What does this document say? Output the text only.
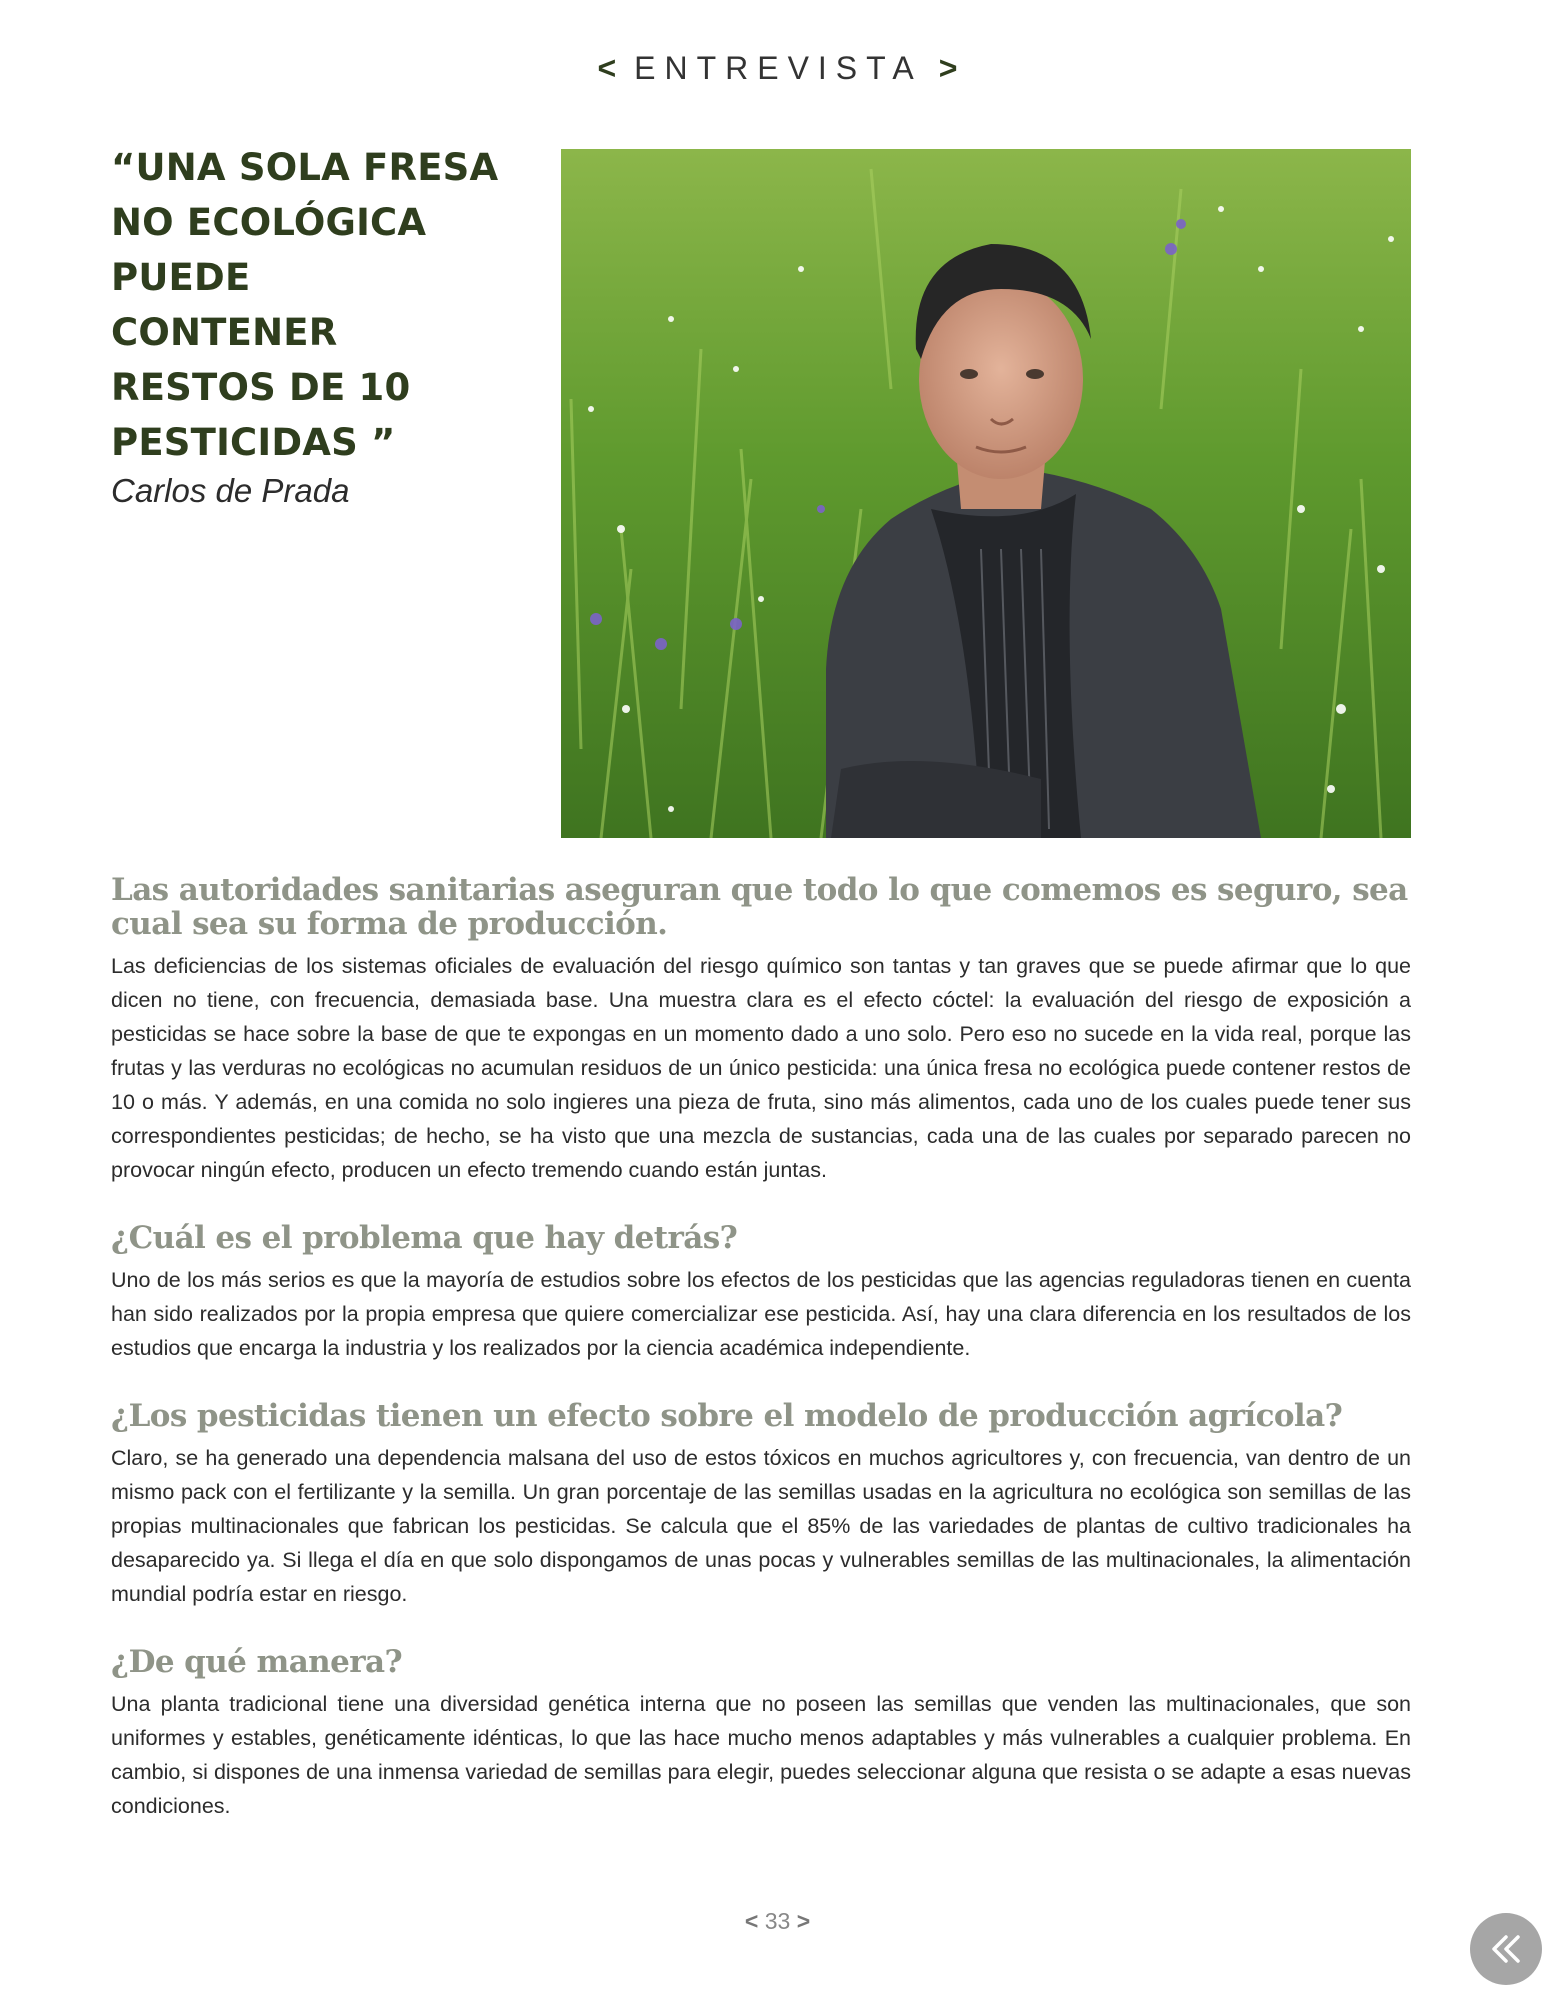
< ENTREVISTA >
“UNA SOLA FRESA
NO ECOLÓGICA
PUEDE
CONTENER
RESTOS DE 10
PESTICIDAS ”
Carlos de Prada
Las autoridades sanitarias aseguran que todo lo que comemos es seguro, sea cual sea su forma de producción.

Las deficiencias de los sistemas oficiales de evaluación del riesgo químico son tantas y tan graves que se puede afirmar que lo que dicen no tiene, con frecuencia, demasiada base. Una muestra clara es el efecto cóctel: la evaluación del riesgo de exposición a pesticidas se hace sobre la base de que te expongas en un momento dado a uno solo. Pero eso no sucede en la vida real, porque las frutas y las verduras no ecológicas no acumulan residuos de un único pesticida: una única fresa no ecológica puede contener restos de 10 o más. Y además, en una comida no solo ingieres una pieza de fruta, sino más alimentos, cada uno de los cuales puede tener sus correspondientes pesticidas; de hecho, se ha visto que una mezcla de sustancias, cada una de las cuales por separado parecen no provocar ningún efecto, producen un efecto tremendo cuando están juntas.

¿Cuál es el problema que hay detrás?

Uno de los más serios es que la mayoría de estudios sobre los efectos de los pesticidas que las agencias reguladoras tienen en cuenta han sido realizados por la propia empresa que quiere comercializar ese pesticida. Así, hay una clara diferencia en los resultados de los estudios que encarga la industria y los realizados por la ciencia académica independiente.

¿Los pesticidas tienen un efecto sobre el modelo de producción agrícola?

Claro, se ha generado una dependencia malsana del uso de estos tóxicos en muchos agricultores y, con frecuencia, van dentro de un mismo pack con el fertilizante y la semilla. Un gran porcentaje de las semillas usadas en la agricultura no ecológica son semillas de las propias multinacionales que fabrican los pesticidas. Se calcula que el 85% de las variedades de plantas de cultivo tradicionales ha desaparecido ya. Si llega el día en que solo dispongamos de unas pocas y vulnerables semillas de las multinacionales, la alimentación mundial podría estar en riesgo.

¿De qué manera?

Una planta tradicional tiene una diversidad genética interna que no poseen las semillas que venden las multinacionales, que son uniformes y estables, genéticamente idénticas, lo que las hace mucho menos adaptables y más vulnerables a cualquier problema. En cambio, si dispones de una inmensa variedad de semillas para elegir, puedes seleccionar alguna que resista o se adapte a esas nuevas condiciones.

< 33 >
